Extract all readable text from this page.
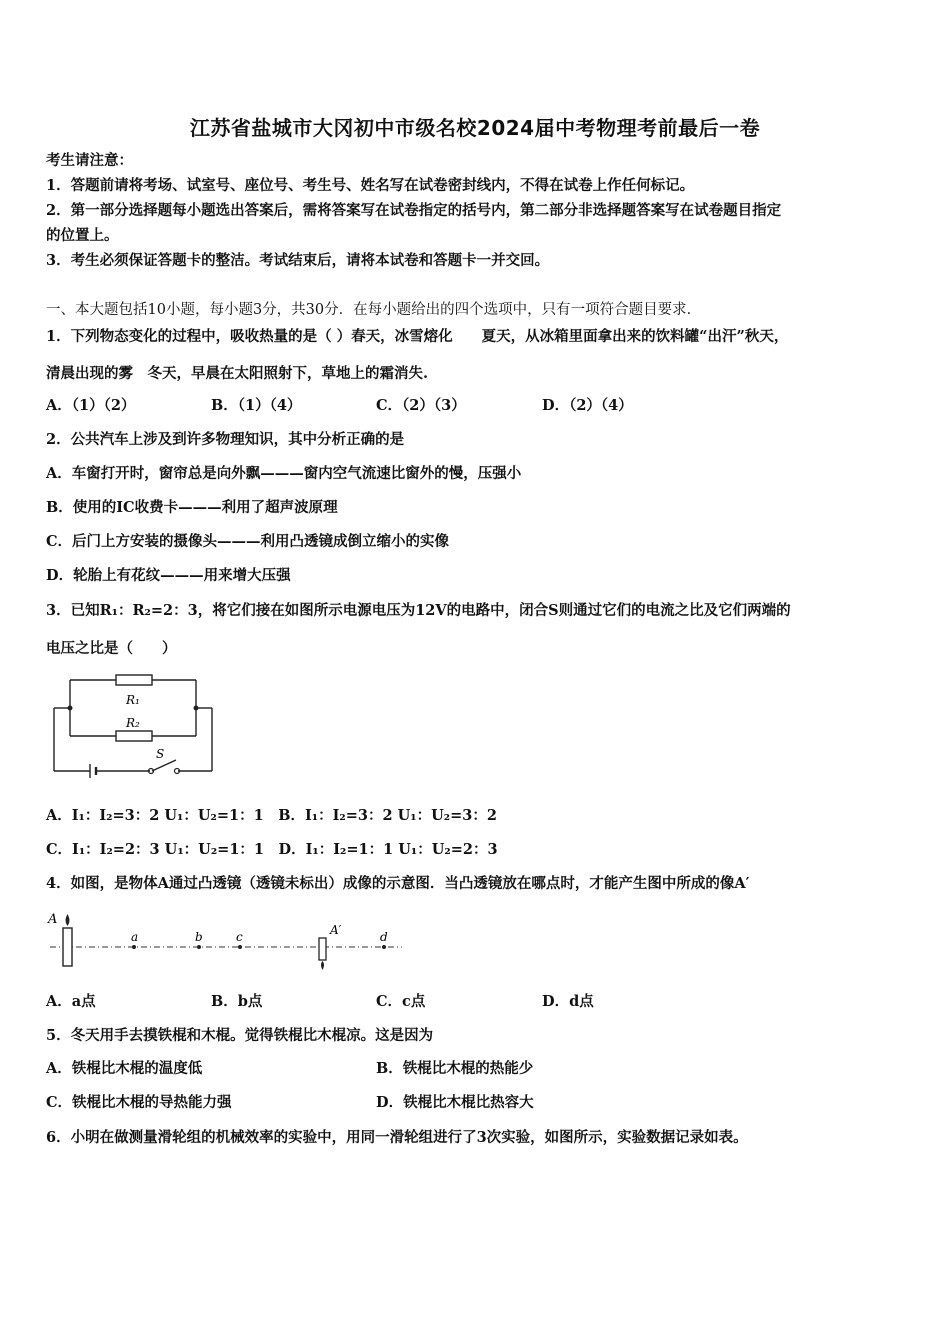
江苏省盐城市大冈初中市级名校2024届中考物理考前最后一卷
考生请注意：
1．答题前请将考场、试室号、座位号、考生号、姓名写在试卷密封线内，不得在试卷上作任何标记。
2．第一部分选择题每小题选出答案后，需将答案写在试卷指定的括号内，第二部分非选择题答案写在试卷题目指定
的位置上。
3．考生必须保证答题卡的整洁。考试结束后，请将本试卷和答题卡一并交回。
一、本大题包括10小题，每小题3分，共30分．在每小题给出的四个选项中，只有一项符合题目要求．
1．下列物态变化的过程中，吸收热量的是（ ）春天，冰雪熔化　　夏天，从冰箱里面拿出来的饮料罐“出汗”秋天，
清晨出现的雾　冬天，早晨在太阳照射下，草地上的霜消失.
A．（1）（2）	B．（1）（4）	C．（2）（3）	D．（2）（4）
2．公共汽车上涉及到许多物理知识，其中分析正确的是
A．车窗打开时，窗帘总是向外飘———窗内空气流速比窗外的慢，压强小
B．使用的IC收费卡———利用了超声波原理
C．后门上方安装的摄像头———利用凸透镜成倒立缩小的实像
D．轮胎上有花纹———用来增大压强
3．已知R₁：R₂=2：3，将它们接在如图所示电源电压为12V的电路中，闭合S则通过它们的电流之比及它们两端的
电压之比是（　　）
R₁
R₂
S
A．I₁：I₂=3：2 U₁：U₂=1：1　B．I₁：I₂=3：2 U₁：U₂=3：2
C．I₁：I₂=2：3 U₁：U₂=1：1　D．I₁：I₂=1：1 U₁：U₂=2：3
4．如图，是物体A通过凸透镜（透镜未标出）成像的示意图．当凸透镜放在哪点时，才能产生图中所成的像A′
A
a	b	c	A′	d
A．a点	B．b点	C．c点	D．d点
5．冬天用手去摸铁棍和木棍。觉得铁棍比木棍凉。这是因为
A．铁棍比木棍的温度低	B．铁棍比木棍的热能少
C．铁棍比木棍的导热能力强	D．铁棍比木棍比热容大
6．小明在做测量滑轮组的机械效率的实验中，用同一滑轮组进行了3次实验，如图所示，实验数据记录如表。
